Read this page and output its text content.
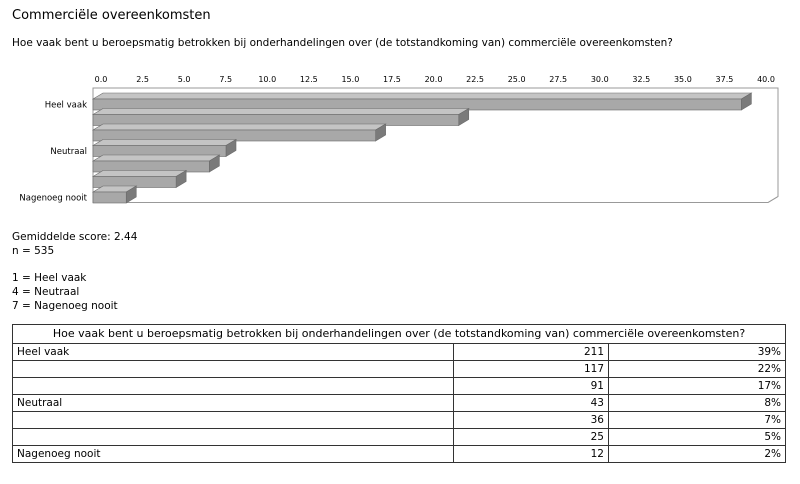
Commerciële overeenkomsten
Hoe vaak bent u beroepsmatig betrokken bij onderhandelingen over (de totstandkoming van) commerciële overeenkomsten?
0.0	2.5	5.0	7.5	10.0	12.5	15.0	17.5	20.0	22.5	25.0	27.5	30.0	32.5	35.0	37.5	40.0
Heel vaak
Neutraal
Nagenoeg nooit
Gemiddelde score: 2.44
n = 535
1 = Heel vaak
4 = Neutraal
7 = Nagenoeg nooit
Hoe vaak bent u beroepsmatig betrokken bij onderhandelingen over (de totstandkoming van) commerciële overeenkomsten?		
Heel vaak	211	39%
	117	22%
	91	17%
Neutraal	43	8%
	36	7%
	25	5%
Nagenoeg nooit	12	2%
